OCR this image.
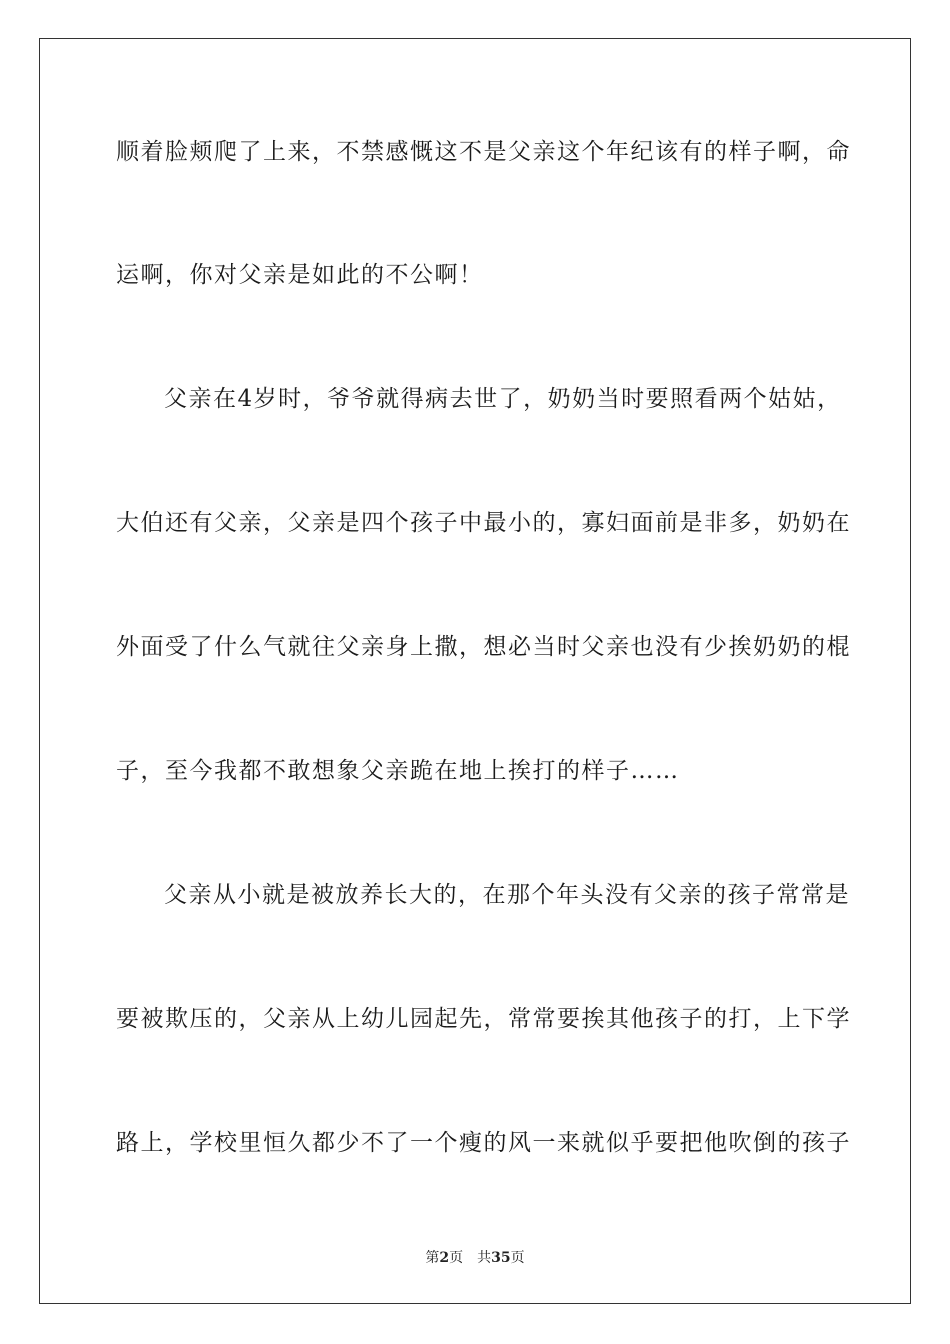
顺着脸颊爬了上来，不禁感慨这不是父亲这个年纪该有的样子啊，命
运啊，你对父亲是如此的不公啊！
父亲在4岁时，爷爷就得病去世了，奶奶当时要照看两个姑姑，
大伯还有父亲，父亲是四个孩子中最小的，寡妇面前是非多，奶奶在
外面受了什么气就往父亲身上撒，想必当时父亲也没有少挨奶奶的棍
子，至今我都不敢想象父亲跪在地上挨打的样子……
父亲从小就是被放养长大的，在那个年头没有父亲的孩子常常是
要被欺压的，父亲从上幼儿园起先，常常要挨其他孩子的打，上下学
路上，学校里恒久都少不了一个瘦的风一来就似乎要把他吹倒的孩子
第2页 共35页
